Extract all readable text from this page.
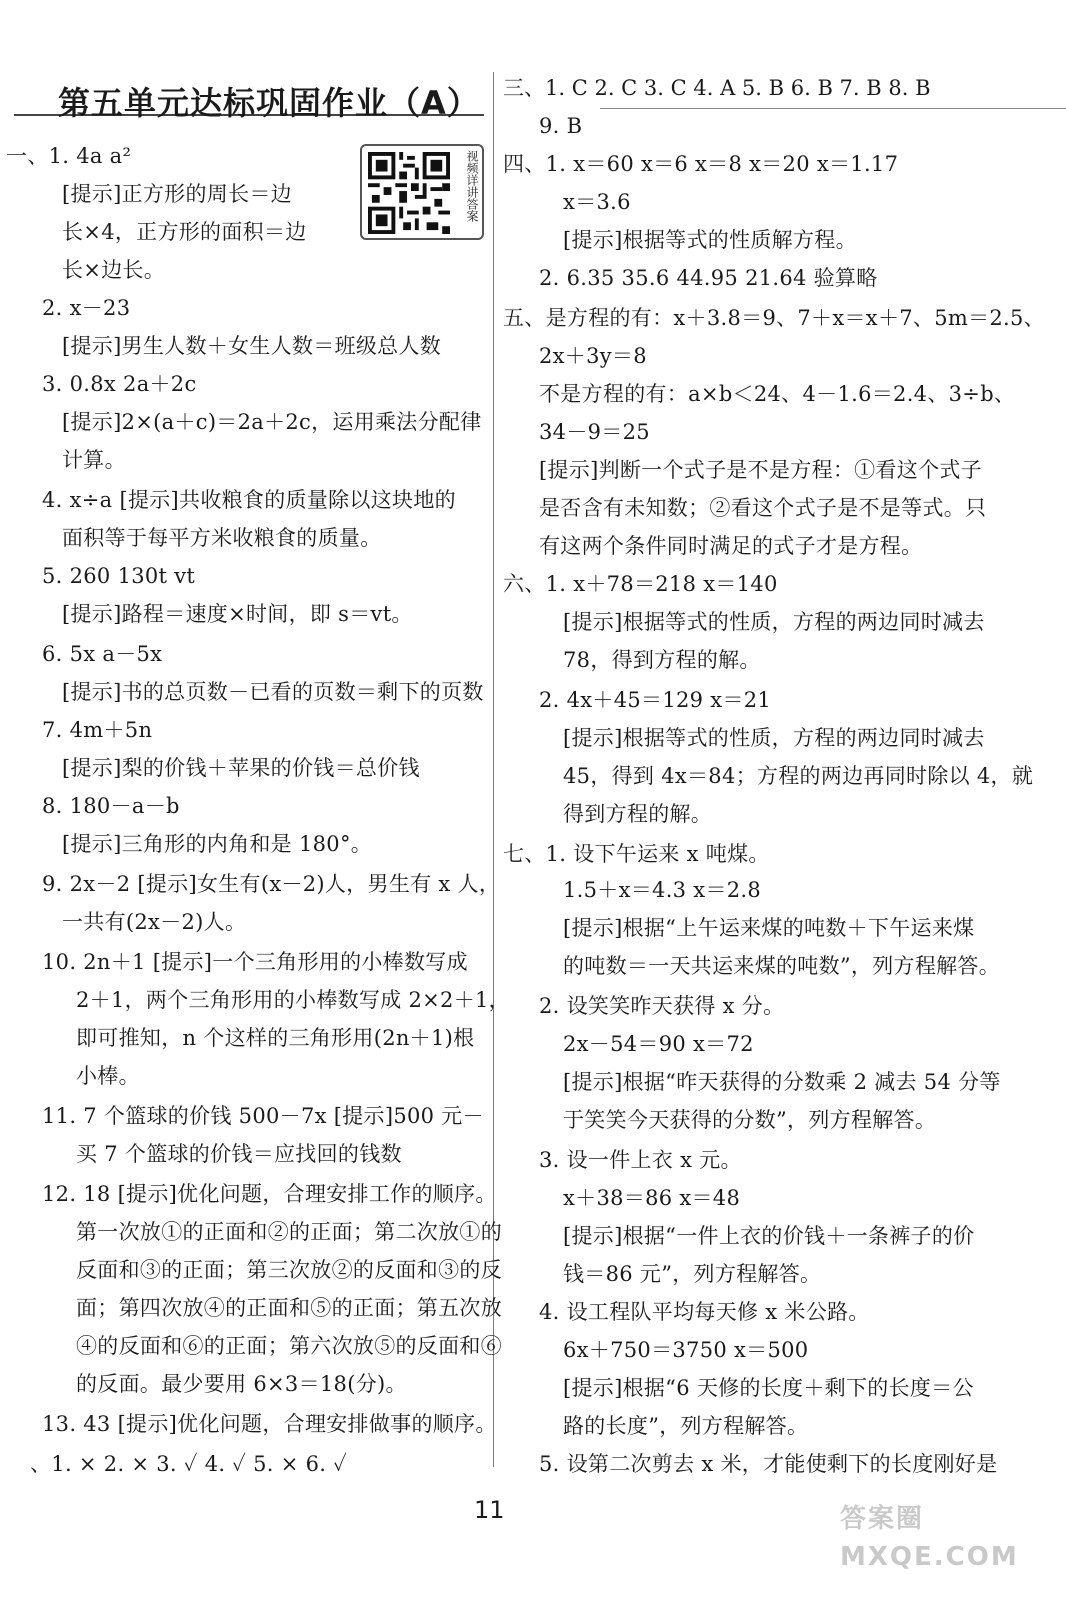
第五单元达标巩固作业（A）
视频详讲答案
一、1. 4a a²
[提示]正方形的周长＝边
长×4，正方形的面积＝边
长×边长。
2. x－23
[提示]男生人数＋女生人数＝班级总人数
3. 0.8x 2a＋2c
[提示]2×(a＋c)＝2a＋2c，运用乘法分配律
计算。
4. x÷a [提示]共收粮食的质量除以这块地的
面积等于每平方米收粮食的质量。
5. 260 130t vt
[提示]路程＝速度×时间，即 s＝vt。
6. 5x a－5x
[提示]书的总页数－已看的页数＝剩下的页数
7. 4m＋5n
[提示]梨的价钱＋苹果的价钱＝总价钱
8. 180－a－b
[提示]三角形的内角和是 180°。
9. 2x－2 [提示]女生有(x－2)人，男生有 x 人，
一共有(2x－2)人。
10. 2n＋1 [提示]一个三角形用的小棒数写成
2＋1，两个三角形用的小棒数写成 2×2＋1，
即可推知，n 个这样的三角形用(2n＋1)根
小棒。
11. 7 个篮球的价钱 500－7x [提示]500 元－
买 7 个篮球的价钱＝应找回的钱数
12. 18 [提示]优化问题，合理安排工作的顺序。
第一次放①的正面和②的正面；第二次放①的
反面和③的正面；第三次放②的反面和③的反
面；第四次放④的正面和⑤的正面；第五次放
④的反面和⑥的正面；第六次放⑤的反面和⑥
的反面。最少要用 6×3＝18(分)。
13. 43 [提示]优化问题，合理安排做事的顺序。
、1. × 2. × 3. ✓ 4. ✓ 5. × 6. ✓
三、1. C 2. C 3. C 4. A 5. B 6. B 7. B 8. B
9. B
四、1. x＝60 x＝6 x＝8 x＝20 x＝1.17
x＝3.6
[提示]根据等式的性质解方程。
2. 6.35 35.6 44.95 21.64 验算略
五、是方程的有：x＋3.8＝9、7＋x＝x＋7、5m＝2.5、
2x＋3y＝8
不是方程的有：a×b＜24、4－1.6＝2.4、3÷b、
34－9＝25
[提示]判断一个式子是不是方程：①看这个式子
是否含有未知数；②看这个式子是不是等式。只
有这两个条件同时满足的式子才是方程。
六、1. x＋78＝218 x＝140
[提示]根据等式的性质，方程的两边同时减去
78，得到方程的解。
2. 4x＋45＝129 x＝21
[提示]根据等式的性质，方程的两边同时减去
45，得到 4x＝84；方程的两边再同时除以 4，就
得到方程的解。
七、1. 设下午运来 x 吨煤。
1.5＋x＝4.3 x＝2.8
[提示]根据“上午运来煤的吨数＋下午运来煤
的吨数＝一天共运来煤的吨数”，列方程解答。
2. 设笑笑昨天获得 x 分。
2x－54＝90 x＝72
[提示]根据“昨天获得的分数乘 2 减去 54 分等
于笑笑今天获得的分数”，列方程解答。
3. 设一件上衣 x 元。
x＋38＝86 x＝48
[提示]根据“一件上衣的价钱＋一条裤子的价
钱＝86 元”，列方程解答。
4. 设工程队平均每天修 x 米公路。
6x＋750＝3750 x＝500
[提示]根据“6 天修的长度＋剩下的长度＝公
路的长度”，列方程解答。
5. 设第二次剪去 x 米，才能使剩下的长度刚好是
11	答案圈
MXQE.COM
